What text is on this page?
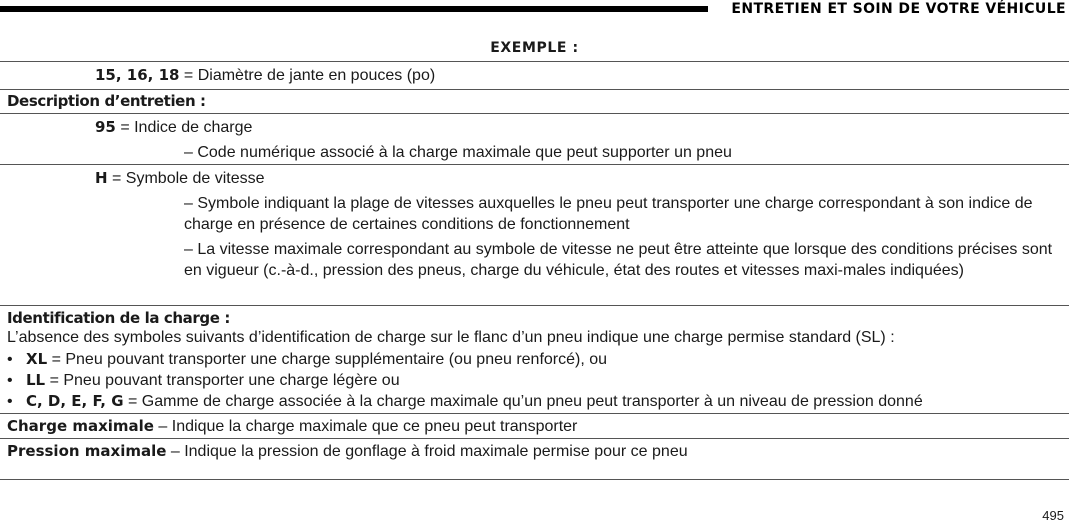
ENTRETIEN ET SOIN DE VOTRE VÉHICULE
EXEMPLE :
15, 16, 18 = Diamètre de jante en pouces (po)
Description d’entretien :
95 = Indice de charge
– Code numérique associé à la charge maximale que peut supporter un pneu
H = Symbole de vitesse
– Symbole indiquant la plage de vitesses auxquelles le pneu peut transporter une charge correspondant à son indice de charge en présence de certaines conditions de fonctionnement
– La vitesse maximale correspondant au symbole de vitesse ne peut être atteinte que lorsque des conditions précises sont en vigueur (c.-à-d., pression des pneus, charge du véhicule, état des routes et vitesses maxi-males indiquées)
Identification de la charge :
L’absence des symboles suivants d’identification de charge sur le flanc d’un pneu indique une charge permise standard (SL) :
• XL = Pneu pouvant transporter une charge supplémentaire (ou pneu renforcé), ou
• LL = Pneu pouvant transporter une charge légère ou
• C, D, E, F, G = Gamme de charge associée à la charge maximale qu’un pneu peut transporter à un niveau de pression donné
Charge maximale – Indique la charge maximale que ce pneu peut transporter
Pression maximale – Indique la pression de gonflage à froid maximale permise pour ce pneu
495
